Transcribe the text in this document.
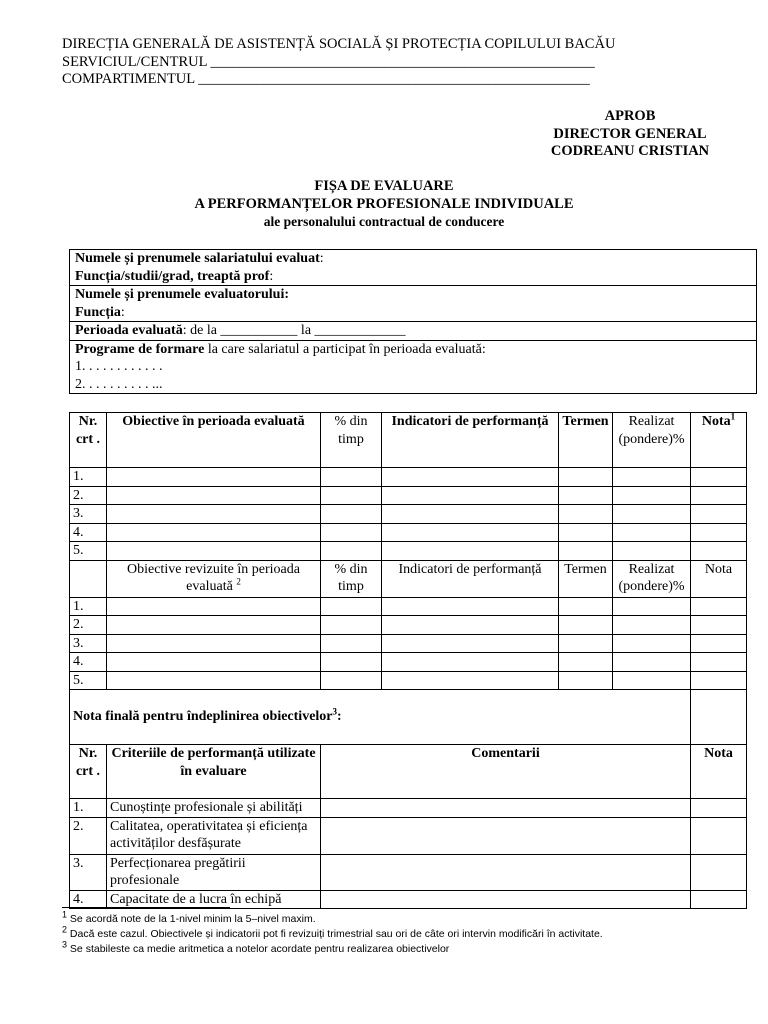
DIRECȚIA GENERALĂ DE ASISTENȚĂ SOCIALĂ ȘI PROTECȚIA COPILULUI BACĂU
SERVICIUL/CENTRUL _____________________________________________________
COMPARTIMENTUL ______________________________________________________
APROB
DIRECTOR GENERAL
CODREANU CRISTIAN
FIȘA DE EVALUARE
A PERFORMANȚELOR PROFESIONALE INDIVIDUALE
ale personalului contractual de conducere
Numele și prenumele salariatului evaluat:
Funcția/studii/grad, treaptă prof:
Numele și prenumele evaluatorului:
Funcția:
Perioada evaluată: de la ___________ la _____________
Programe de formare la care salariatul a participat în perioada evaluată:
1. . . . . . . . . . . .
2. . . . . . . . . . ...
Nr. crt .	Obiective în perioada evaluată	% din timp	Indicatori de performanță	Termen	Realizat (pondere)%	Nota$^1$
1.						
2.						
3.						
4.						
5.						
	Obiective revizuite în perioada evaluată $^2$	% din timp	Indicatori de performanță	Termen	Realizat (pondere)%	Nota
1.						
2.						
3.						
4.						
5.						
Nota finală pentru îndeplinirea obiectivelor$^3$:						
Nr. crt .	Criteriile de performanță utilizate în evaluare	Comentarii				Nota
1.	Cunoștințe profesionale și abilități					
2.	Calitatea, operativitatea și eficiența activităților desfășurate					
3.	Perfecționarea pregătirii profesionale					
4.	Capacitate de a lucra în echipă					
$^1$ Se acordă note de la 1-nivel minim la 5–nivel maxim.
$^2$ Dacă este cazul. Obiectivele și indicatorii pot fi revizuiți trimestrial sau ori de câte ori intervin modificări în activitate.
$^3$ Se stabileste ca medie aritmetica a notelor acordate pentru realizarea obiectivelor
